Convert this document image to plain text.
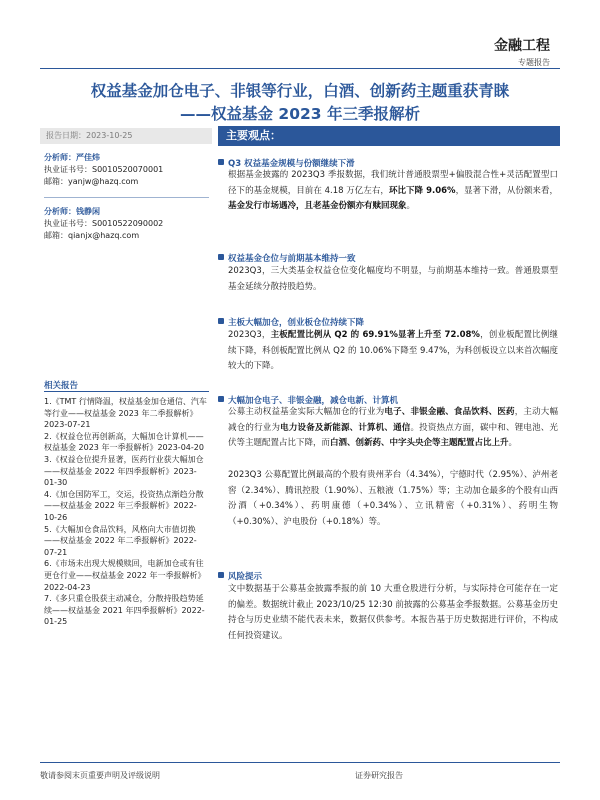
金融工程
专题报告
权益基金加仓电子、非银等行业，白酒、创新药主题重获青睐
——权益基金 2023 年三季报解析
报告日期：2023-10-25	主要观点：
分析师：严佳炜
执业证书号：S0010520070001
邮箱：yanjw@hazq.com
分析师：钱静闲
执业证书号：S0010522090002
邮箱：qianjx@hazq.com
相关报告
1.《TMT 行情降温，权益基金加仓通信、汽车等行业——权益基金 2023 年二季报解析》2023-07-21
2.《权益仓位再创新高，大幅加仓计算机——权益基金 2023 年一季报解析》2023-04-20
3.《权益仓位提升显著，医药行业获大幅加仓——权益基金 2022 年四季报解析》2023-01-30
4.《加仓国防军工，交运，投资热点渐趋分散——权益基金 2022 年三季报解析》2022-10-26
5.《大幅加仓食品饮料，风格向大市值切换——权益基金 2022 年二季报解析》2022-07-21
6.《市场未出现大规模赎回，电新加仓或有往更仓行业——权益基金 2022 年一季报解析》2022-04-23
7.《多只重仓股获主动减仓，分散持股趋势延续——权益基金 2021 年四季报解析》2022-01-25
Q3 权益基金规模与份额继续下滑

根据基金披露的 2023Q3 季报数据，我们统计普通股票型+偏股混合性+灵活配置型口径下的基金规模，目前在 4.18 万亿左右，环比下降 9.06%，显著下滑，从份额来看，基金发行市场遇冷，且老基金份额亦有赎回现象。

权益基金仓位与前期基本维持一致

2023Q3，三大类基金权益仓位变化幅度均不明显，与前期基本维持一致。普通股票型基金延续分散持股趋势。

主板大幅加仓，创业板仓位持续下降

2023Q3，主板配置比例从 Q2 的 69.91%显著上升至 72.08%，创业板配置比例继续下降，科创板配置比例从 Q2 的 10.06%下降至 9.47%，为科创板设立以来首次幅度较大的下降。

大幅加仓电子、非银金融，减仓电新、计算机

公募主动权益基金实际大幅加仓的行业为电子、非银金融、食品饮料、医药，主动大幅减仓的行业为电力设备及新能源、计算机、通信。投资热点方面，碳中和、锂电池、光伏等主题配置占比下降，而白酒、创新药、中字头央企等主题配置占比上升。

2023Q3 公募配置比例最高的个股有贵州茅台（4.34%），宁德时代（2.95%）、泸州老窖（2.34%）、腾讯控股（1.90%）、五粮液（1.75%）等；主动加仓最多的个股有山西汾酒（+0.34%）、药明康德（+0.34%）、立讯精密（+0.31%）、药明生物（+0.30%）、沪电股份（+0.18%）等。

风险提示

文中数据基于公募基金披露季报的前 10 大重仓股进行分析，与实际持仓可能存在一定的偏差。数据统计截止 2023/10/25 12:30 前披露的公募基金季报数据。公募基金历史持仓与历史业绩不能代表未来，数据仅供参考。本报告基于历史数据进行评价，不构成任何投资建议。

敬请参阅末页重要声明及评级说明	证券研究报告
